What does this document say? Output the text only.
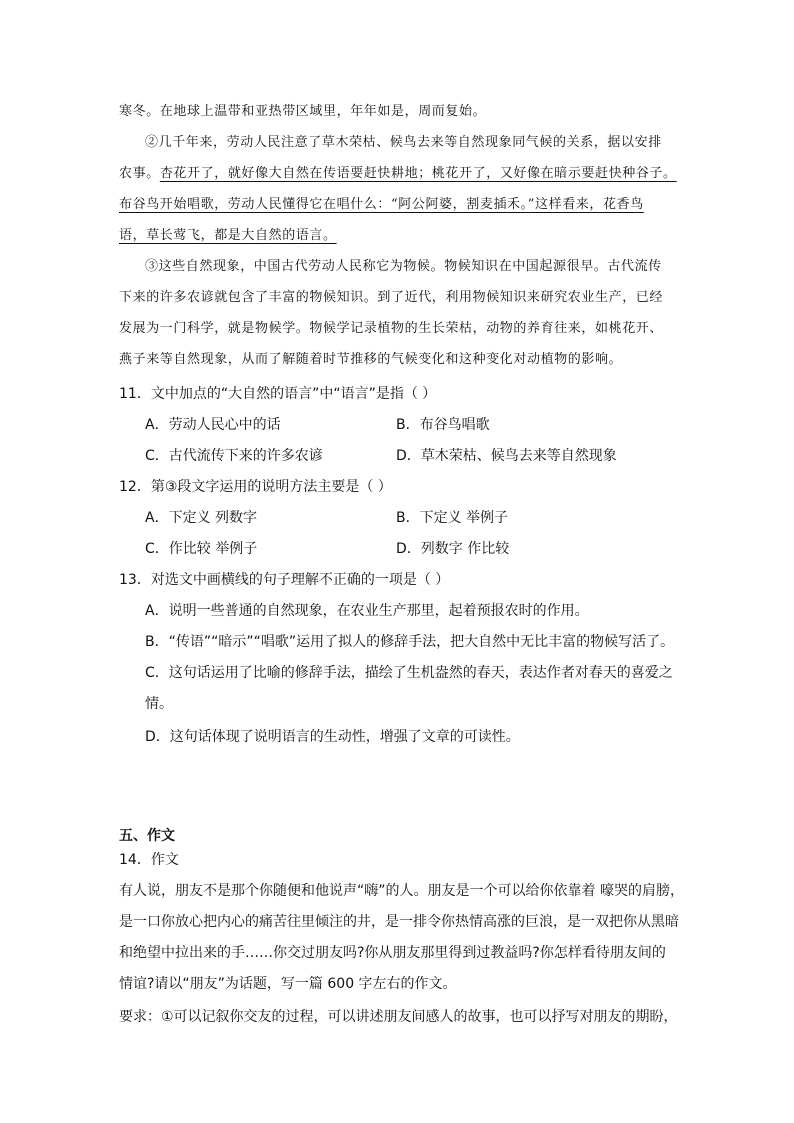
寒冬。在地球上温带和亚热带区域里，年年如是，周而复始。
②几千年来，劳动人民注意了草木荣枯、候鸟去来等自然现象同气候的关系，据以安排
农事。杏花开了，就好像大自然在传语要赶快耕地；桃花开了，又好像在暗示要赶快种谷子。
布谷鸟开始唱歌，劳动人民懂得它在唱什么：“阿公阿婆，割麦插禾。”这样看来，花香鸟
语，草长莺飞，都是大自然的语言。
③这些自然现象，中国古代劳动人民称它为物候。物候知识在中国起源很早。古代流传
下来的许多农谚就包含了丰富的物候知识。到了近代，利用物候知识来研究农业生产，已经
发展为一门科学，就是物候学。物候学记录植物的生长荣枯，动物的养育往来，如桃花开、
燕子来等自然现象，从而了解随着时节推移的气候变化和这种变化对动植物的影响。
11．文中加点的“大自然的语言”中“语言”是指（ ）
A．劳动人民心中的话	B．布谷鸟唱歌
C．古代流传下来的许多农谚	D．草木荣枯、候鸟去来等自然现象
12．第③段文字运用的说明方法主要是（ ）
A．下定义 列数字	B．下定义 举例子
C．作比较 举例子	D．列数字 作比较
13．对选文中画横线的句子理解不正确的一项是（ ）
A．说明一些普通的自然现象，在农业生产那里，起着预报农时的作用。
B．“传语”“暗示”“唱歌”运用了拟人的修辞手法，把大自然中无比丰富的物候写活了。
C．这句话运用了比喻的修辞手法，描绘了生机盎然的春天，表达作者对春天的喜爱之
情。
D．这句话体现了说明语言的生动性，增强了文章的可读性。
五、作文
14．作文
有人说，朋友不是那个你随便和他说声“嗨”的人。朋友是一个可以给你依靠着 嚎哭的肩膀，
是一口你放心把内心的痛苦往里倾注的井，是一排令你热情高涨的巨浪，是一双把你从黑暗
和绝望中拉出来的手……你交过朋友吗?你从朋友那里得到过教益吗?你怎样看待朋友间的
情谊?请以“朋友”为话题，写一篇 600 字左右的作文。
要求：①可以记叙你交友的过程，可以讲述朋友间感人的故事，也可以抒写对朋友的期盼，
